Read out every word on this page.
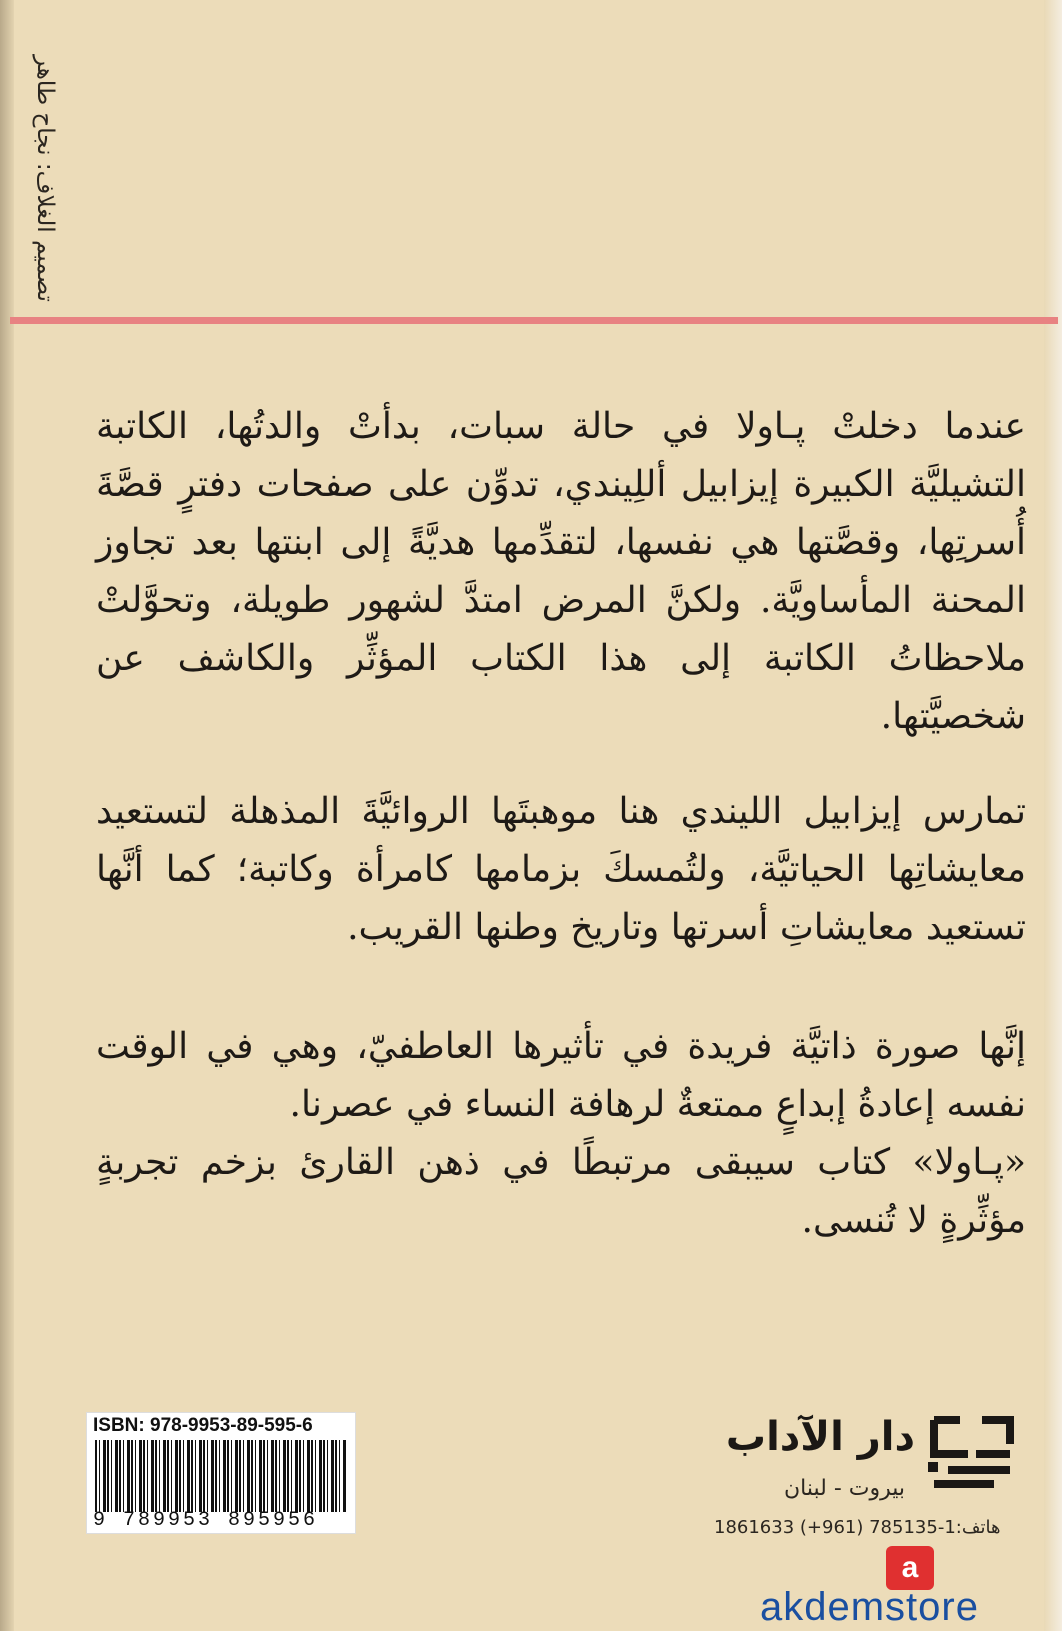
تصميم الغلاف: نجاح طاهر

عندما دخلتْ پـاولا في حالة سبات، بدأتْ والدتُها، الكاتبة التشيليَّة الكبيرة إيزابيل أللِيندي، تدوِّن على صفحات دفترٍ قصَّةَ أُسرتِها، وقصَّتها هي نفسها، لتقدِّمها هديَّةً إلى ابنتها بعد تجاوز المحنة المأساويَّة. ولكنَّ المرض امتدَّ لشهور طويلة، وتحوَّلتْ ملاحظاتُ الكاتبة إلى هذا الكتاب المؤثِّر والكاشف عن شخصيَّتها.

تمارس إيزابيل الليندي هنا موهبتَها الروائيَّةَ المذهلة لتستعيد معايشاتِها الحياتيَّة، ولتُمسكَ بزمامها كامرأة وكاتبة؛ كما أنَّها تستعيد معايشاتِ أسرتها وتاريخ وطنها القريب.

إنَّها صورة ذاتيَّة فريدة في تأثيرها العاطفيّ، وهي في الوقت نفسه إعادةُ إبداعٍ ممتعةٌ لرهافة النساء في عصرنا.

«پـاولا» كتاب سيبقى مرتبطًا في ذهن القارئ بزخم تجربةٍ مؤثِّرةٍ لا تُنسى.

ISBN: 978-9953-89-595-6
9 789953 895956
دار الآداب
بيروت - لبنان
هاتف:1-785135 (961+) 1861633
a
akdemstore
